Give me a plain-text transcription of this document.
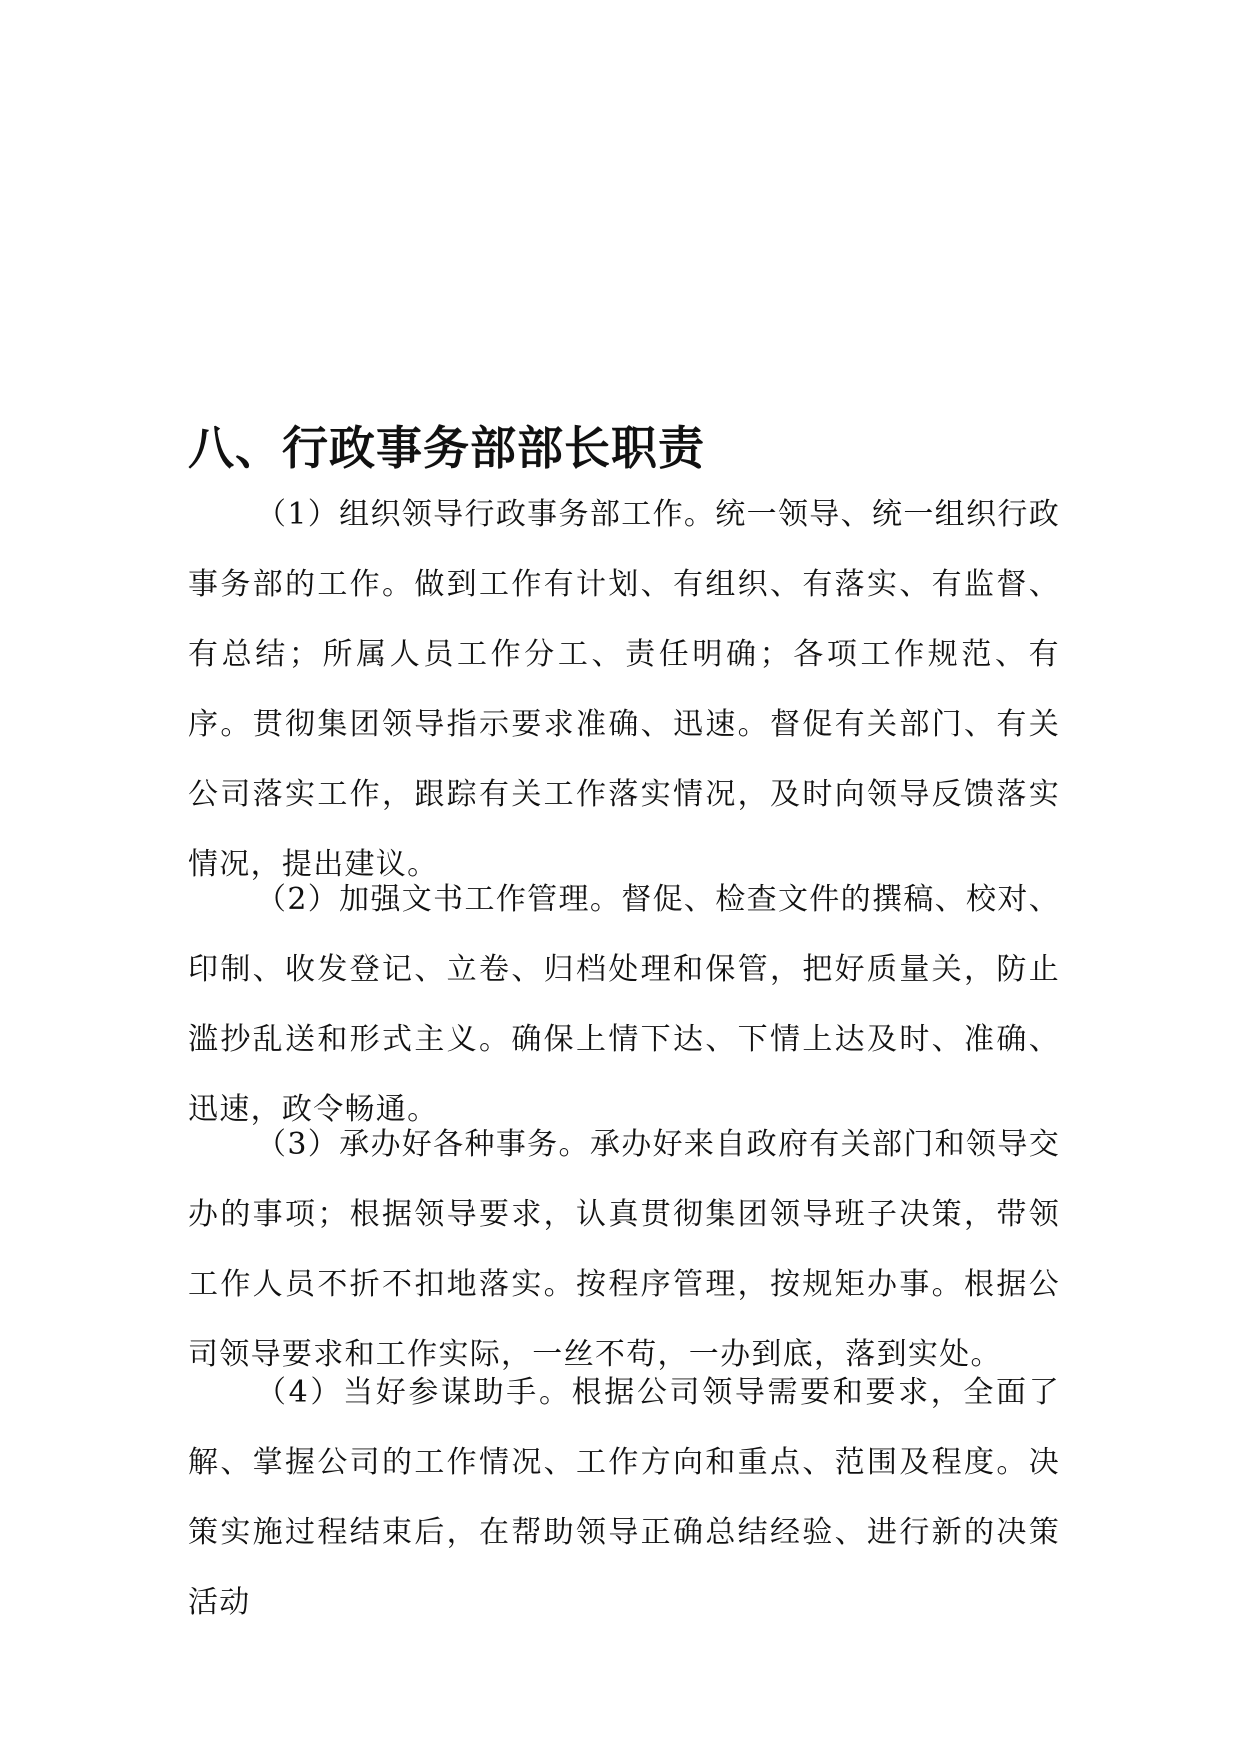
八、行政事务部部长职责

（1）组织领导行政事务部工作。统一领导、统一组织行政事务部的工作。做到工作有计划、有组织、有落实、有监督、有总结；所属人员工作分工、责任明确；各项工作规范、有序。贯彻集团领导指示要求准确、迅速。督促有关部门、有关公司落实工作，跟踪有关工作落实情况，及时向领导反馈落实情况，提出建议。

（2）加强文书工作管理。督促、检查文件的撰稿、校对、印制、收发登记、立卷、归档处理和保管，把好质量关，防止滥抄乱送和形式主义。确保上情下达、下情上达及时、准确、迅速，政令畅通。

（3）承办好各种事务。承办好来自政府有关部门和领导交办的事项；根据领导要求，认真贯彻集团领导班子决策，带领工作人员不折不扣地落实。按程序管理，按规矩办事。根据公司领导要求和工作实际，一丝不苟，一办到底，落到实处。

（4）当好参谋助手。根据公司领导需要和要求，全面了解、掌握公司的工作情况、工作方向和重点、范围及程度。决策实施过程结束后，在帮助领导正确总结经验、进行新的决策活动
